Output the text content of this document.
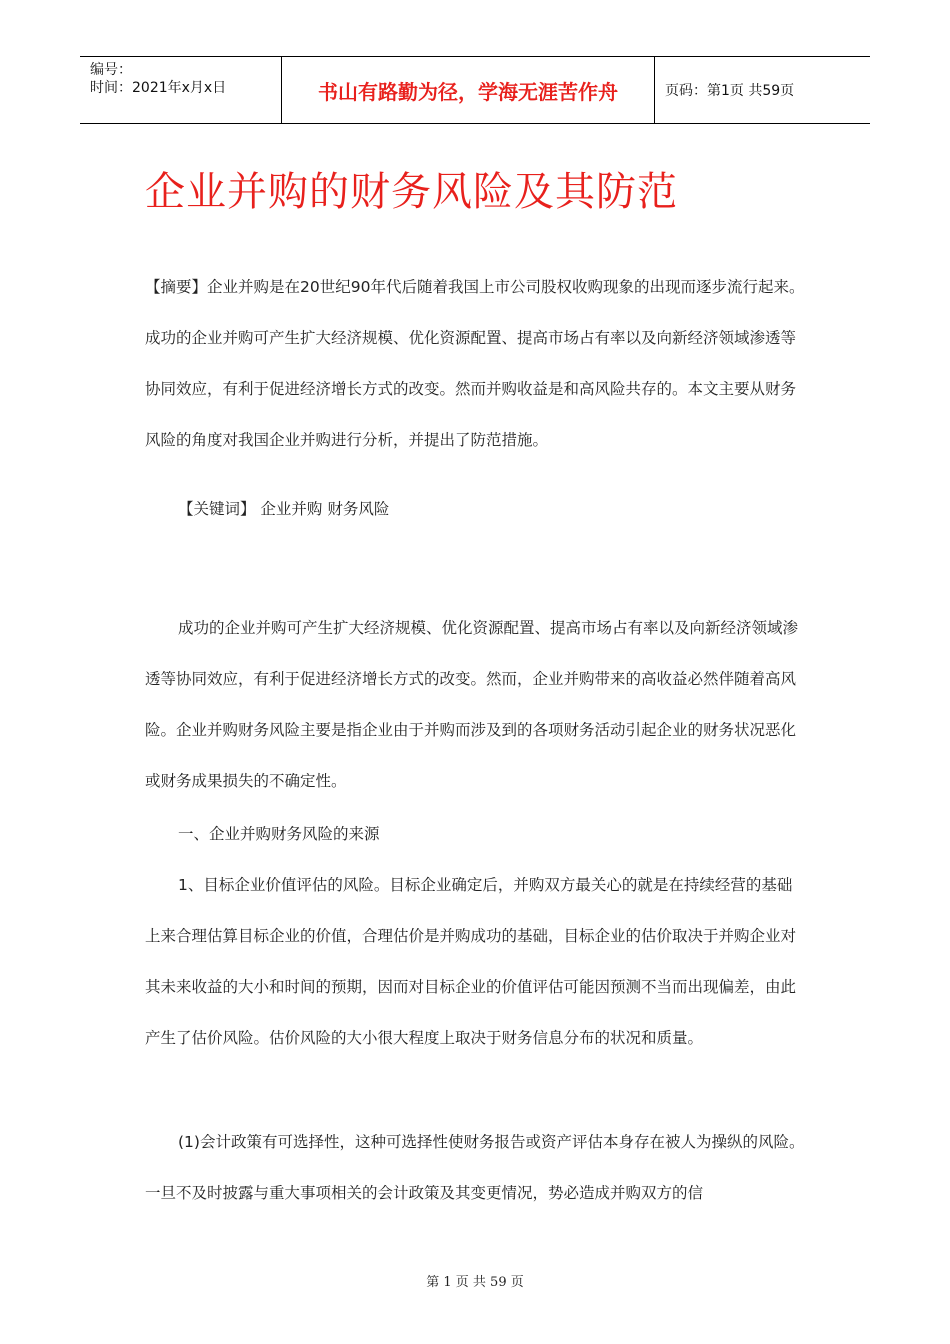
编号：
时间：2021年x月x日	书山有路勤为径，学海无涯苦作舟	页码：第1页 共59页
企业并购的财务风险及其防范

【摘要】企业并购是在20世纪90年代后随着我国上市公司股权收购现象的出现而逐步流行起来。成功的企业并购可产生扩大经济规模、优化资源配置、提高市场占有率以及向新经济领域渗透等协同效应，有利于促进经济增长方式的改变。然而并购收益是和高风险共存的。本文主要从财务风险的角度对我国企业并购进行分析，并提出了防范措施。

【关键词】 企业并购 财务风险

成功的企业并购可产生扩大经济规模、优化资源配置、提高市场占有率以及向新经济领域渗透等协同效应，有利于促进经济增长方式的改变。然而，企业并购带来的高收益必然伴随着高风险。企业并购财务风险主要是指企业由于并购而涉及到的各项财务活动引起企业的财务状况恶化或财务成果损失的不确定性。

一、企业并购财务风险的来源

1、目标企业价值评估的风险。目标企业确定后，并购双方最关心的就是在持续经营的基础上来合理估算目标企业的价值，合理估价是并购成功的基础，目标企业的估价取决于并购企业对其未来收益的大小和时间的预期，因而对目标企业的价值评估可能因预测不当而出现偏差，由此产生了估价风险。估价风险的大小很大程度上取决于财务信息分布的状况和质量。

(1)会计政策有可选择性，这种可选择性使财务报告或资产评估本身存在被人为操纵的风险。一旦不及时披露与重大事项相关的会计政策及其变更情况，势必造成并购双方的信

第 1 页 共 59 页
